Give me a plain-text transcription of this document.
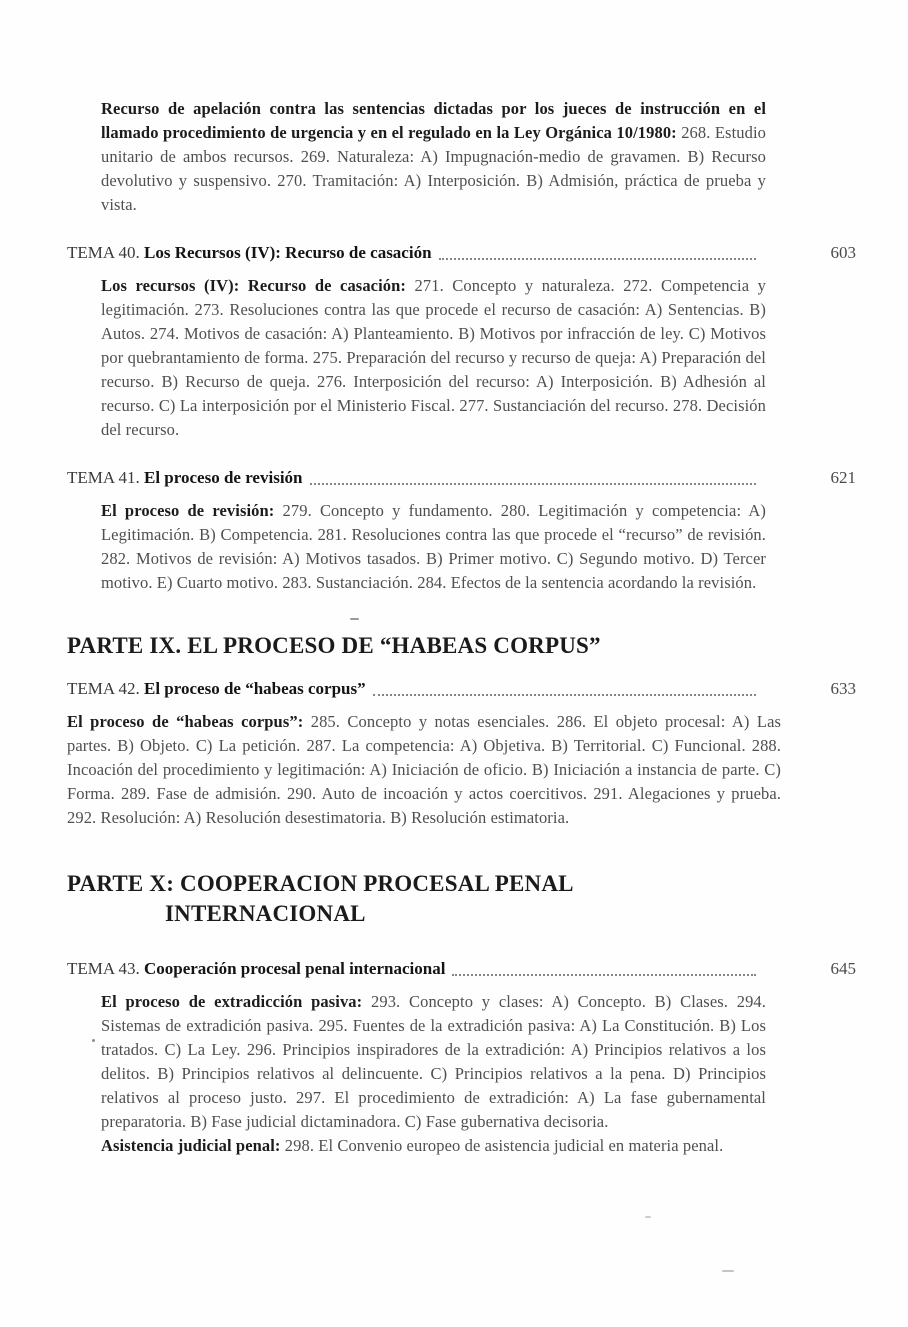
Recurso de apelación contra las sentencias dictadas por los jueces de instrucción en el llamado procedimiento de urgencia y en el regulado en la Ley Orgánica 10/1980: 268. Estudio unitario de ambos recursos. 269. Naturaleza: A) Impugnación-medio de gravamen. B) Recurso devolutivo y suspensivo. 270. Tramitación: A) Interposición. B) Admisión, práctica de prueba y vista.

TEMA 40. Los Recursos (IV): Recurso de casación	603

Los recursos (IV): Recurso de casación: 271. Concepto y naturaleza. 272. Competencia y legitimación. 273. Resoluciones contra las que procede el recurso de casación: A) Sentencias. B) Autos. 274. Motivos de casación: A) Planteamiento. B) Motivos por infracción de ley. C) Motivos por quebrantamiento de forma. 275. Preparación del recurso y recurso de queja: A) Preparación del recurso. B) Recurso de queja. 276. Interposición del recurso: A) Interposición. B) Adhesión al recurso. C) La interposición por el Ministerio Fiscal. 277. Sustanciación del recurso. 278. Decisión del recurso.

TEMA 41. El proceso de revisión	621

El proceso de revisión: 279. Concepto y fundamento. 280. Legitimación y competencia: A) Legitimación. B) Competencia. 281. Resoluciones contra las que procede el “recurso” de revisión. 282. Motivos de revisión: A) Motivos tasados. B) Primer motivo. C) Segundo motivo. D) Tercer motivo. E) Cuarto motivo. 283. Sustanciación. 284. Efectos de la sentencia acordando la revisión.

PARTE IX. EL PROCESO DE “HABEAS CORPUS”
TEMA 42. El proceso de “habeas corpus”	633

El proceso de “habeas corpus”: 285. Concepto y notas esenciales. 286. El objeto procesal: A) Las partes. B) Objeto. C) La petición. 287. La competencia: A) Objetiva. B) Territorial. C) Funcional. 288. Incoación del procedimiento y legitimación: A) Iniciación de oficio. B) Iniciación a instancia de parte. C) Forma. 289. Fase de admisión. 290. Auto de incoación y actos coercitivos. 291. Alegaciones y prueba. 292. Resolución: A) Resolución desestimatoria. B) Resolución estimatoria.

PARTE X: COOPERACION PROCESAL PENAL
INTERNACIONAL
TEMA 43. Cooperación procesal penal internacional	645

El proceso de extradicción pasiva: 293. Concepto y clases: A) Concepto. B) Clases. 294. Sistemas de extradición pasiva. 295. Fuentes de la extradición pasiva: A) La Constitución. B) Los tratados. C) La Ley. 296. Principios inspiradores de la extradición: A) Principios relativos a los delitos. B) Principios relativos al delincuente. C) Principios relativos a la pena. D) Principios relativos al proceso justo. 297. El procedimiento de extradición: A) La fase gubernamental preparatoria. B) Fase judicial dictaminadora. C) Fase gubernativa decisoria.

Asistencia judicial penal: 298. El Convenio europeo de asistencia judicial en materia penal.
